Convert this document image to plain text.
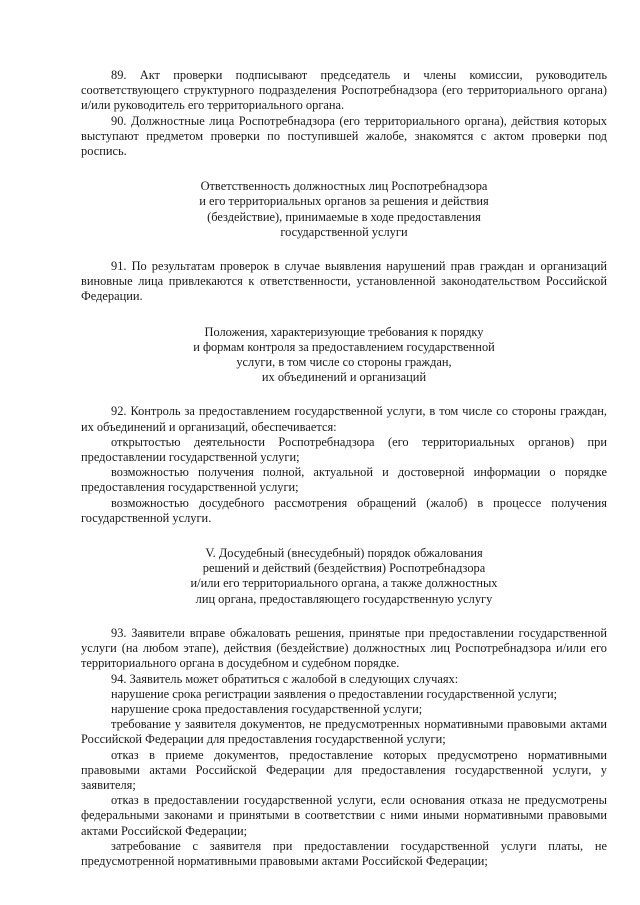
89. Акт проверки подписывают председатель и члены комиссии, руководитель соответствующего структурного подразделения Роспотребнадзора (его территориального органа) и/или руководитель его территориального органа.

90. Должностные лица Роспотребнадзора (его территориального органа), действия которых выступают предметом проверки по поступившей жалобе, знакомятся с актом проверки под роспись.

Ответственность должностных лиц Роспотребнадзора
и его территориальных органов за решения и действия
(бездействие), принимаемые в ходе предоставления
государственной услуги

91. По результатам проверок в случае выявления нарушений прав граждан и организаций виновные лица привлекаются к ответственности, установленной законодательством Российской Федерации.

Положения, характеризующие требования к порядку
и формам контроля за предоставлением государственной
услуги, в том числе со стороны граждан,
их объединений и организаций

92. Контроль за предоставлением государственной услуги, в том числе со стороны граждан, их объединений и организаций, обеспечивается:

открытостью деятельности Роспотребнадзора (его территориальных органов) при предоставлении государственной услуги;

возможностью получения полной, актуальной и достоверной информации о порядке предоставления государственной услуги;

возможностью досудебного рассмотрения обращений (жалоб) в процессе получения государственной услуги.

V. Досудебный (внесудебный) порядок обжалования
решений и действий (бездействия) Роспотребнадзора
и/или его территориального органа, а также должностных
лиц органа, предоставляющего государственную услугу

93. Заявители вправе обжаловать решения, принятые при предоставлении государственной услуги (на любом этапе), действия (бездействие) должностных лиц Роспотребнадзора и/или его территориального органа в досудебном и судебном порядке.

94. Заявитель может обратиться с жалобой в следующих случаях:

нарушение срока регистрации заявления о предоставлении государственной услуги;

нарушение срока предоставления государственной услуги;

требование у заявителя документов, не предусмотренных нормативными правовыми актами Российской Федерации для предоставления государственной услуги;

отказ в приеме документов, предоставление которых предусмотрено нормативными правовыми актами Российской Федерации для предоставления государственной услуги, у заявителя;

отказ в предоставлении государственной услуги, если основания отказа не предусмотрены федеральными законами и принятыми в соответствии с ними иными нормативными правовыми актами Российской Федерации;

затребование с заявителя при предоставлении государственной услуги платы, не предусмотренной нормативными правовыми актами Российской Федерации;
